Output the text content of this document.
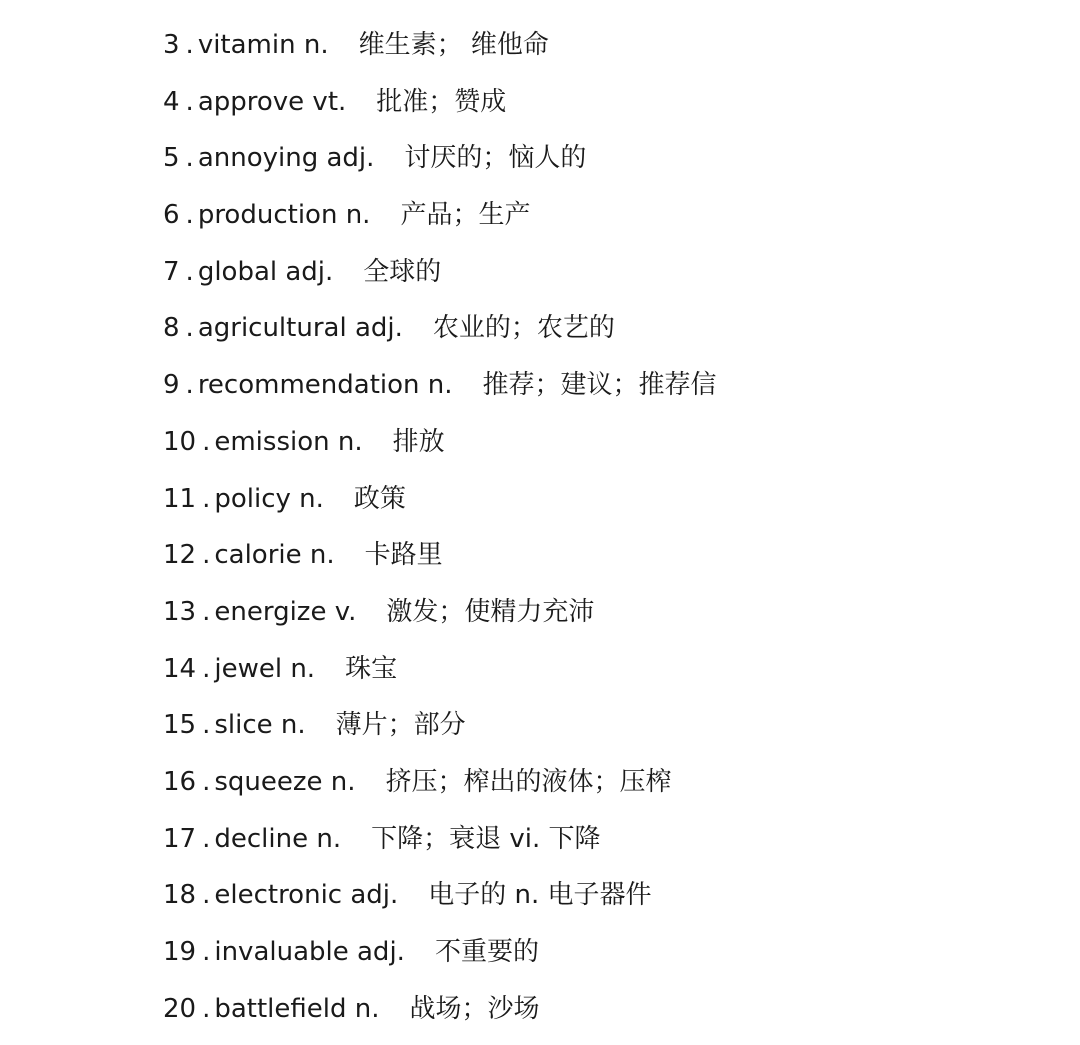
3 . vitamin n. 维生素； 维他命
4 . approve vt. 批准；赞成
5 . annoying adj. 讨厌的；恼人的
6 . production n. 产品；生产
7 . global adj. 全球的
8 . agricultural adj. 农业的；农艺的
9 . recommendation n. 推荐；建议；推荐信
10 . emission n. 排放
11 . policy n. 政策
12 . calorie n. 卡路里
13 . energize v. 激发；使精力充沛
14 . jewel n. 珠宝
15 . slice n. 薄片；部分
16 . squeeze n. 挤压；榨出的液体；压榨
17 . decline n. 下降；衰退 vi. 下降
18 . electronic adj. 电子的 n. 电子器件
19 . invaluable adj. 不重要的
20 . battlefield n. 战场；沙场
